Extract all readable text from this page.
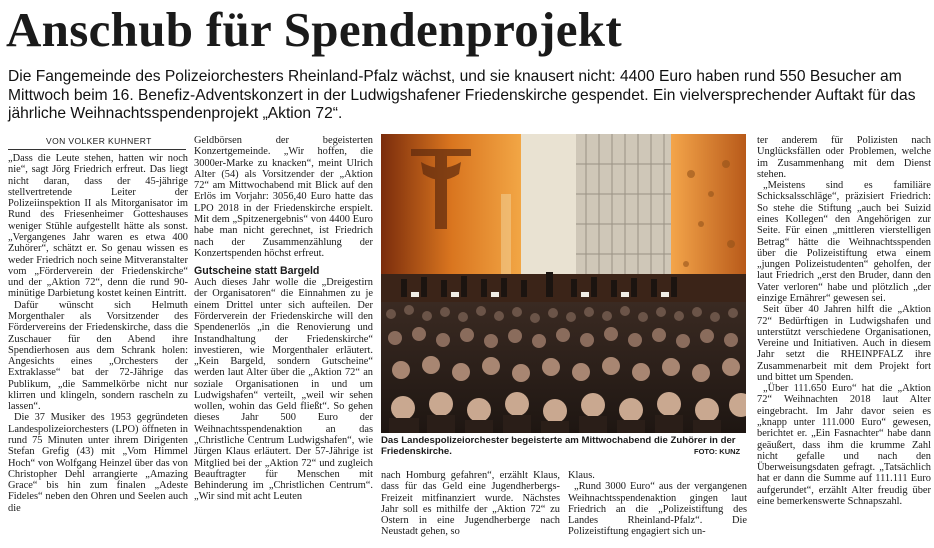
Anschub für Spendenprojekt

Die Fangemeinde des Polizeiorchesters Rheinland-Pfalz wächst, und sie knausert nicht: 4400 Euro haben rund 550 Besucher am Mittwoch beim 16. Benefiz-Adventskonzert in der Ludwigshafener Friedenskirche gespendet. Ein vielversprechender Auftakt für das jährliche Weihnachtsspendenprojekt „Aktion 72“.

VON VOLKER KUHNERT

„Dass die Leute stehen, hatten wir noch nie“, sagt Jörg Friedrich erfreut. Das liegt nicht daran, dass der 45-jährige stellvertretende Leiter der Polizeiinspektion II als Mitorganisator im Rund des Friesenheimer Gotteshauses weniger Stühle aufgestellt hätte als sonst. „Vergangenes Jahr waren es etwa 400 Zuhörer“, schätzt er. So genau wissen es weder Friedrich noch seine Mitveranstalter vom „Förderverein der Friedenskirche“ und der „Aktion 72“, denn die rund 90-minütige Darbietung kostet keinen Eintritt.

Dafür wünscht sich Helmuth Morgenthaler als Vorsitzender des Fördervereins der Friedenskirche, dass die Zuschauer für den Abend ihre Spendierhosen aus dem Schrank holen: Angesichts eines „Orchesters der Extraklasse“ bat der 72-Jährige das Publikum, „die Sammelkörbe nicht nur klirren und klingeln, sondern rascheln zu lassen“.

Die 37 Musiker des 1953 gegründeten Landespolizeiorchesters (LPO) öffneten in rund 75 Minuten unter ihrem Dirigenten Stefan Grefig (43) mit „Vom Himmel Hoch“ von Wolfgang Heinzel über das von Christopher Dehl arrangierte „Amazing Grace“ bis hin zum finalen „Adeste Fideles“ neben den Ohren und Seelen auch die

Geldbörsen der begeisterten Konzertgemeinde. „Wir hoffen, die 3000er-Marke zu knacken“, meint Ulrich Alter (54) als Vorsitzender der „Aktion 72“ am Mittwochabend mit Blick auf den Erlös im Vorjahr: 3056,40 Euro hatte das LPO 2018 in der Friedenskirche erspielt. Mit dem „Spitzenergebnis“ von 4400 Euro habe man nicht gerechnet, ist Friedrich nach der Zusammenzählung der Konzertspenden höchst erfreut.

Gutscheine statt Bargeld

Auch dieses Jahr wolle die „Dreigestirn der Organisatoren“ die Einnahmen zu je einem Drittel unter sich aufteilen. Der Förderverein der Friedenskirche will den Spendenerlös „in die Renovierung und Instandhaltung der Friedenskirche“ investieren, wie Morgenthaler erläutert. „Kein Bargeld, sondern Gutscheine“ werden laut Alter über die „Aktion 72“ an soziale Organisationen in und um Ludwigshafen“ verteilt, „weil wir sehen wollen, wohin das Geld fließt“. So gehen dieses Jahr 500 Euro der Weihnachtsspendenaktion an das „Christliche Centrum Ludwigshafen“, wie Jürgen Klaus erläutert. Der 57-Jährige ist Mitglied bei der „Aktion 72“ und zugleich Beauftragter für Menschen mit Behinderung im „Christlichen Centrum“. „Wir sind mit acht Leuten

Das Landespolizeiorchester begeisterte am Mittwochabend die Zuhörer in der Friedenskirche.	FOTO: KUNZ

nach Homburg gefahren“, erzählt Klaus, dass für das Geld eine Jugendherbergs-Freizeit mitfinanziert wurde. Nächstes Jahr soll es mithilfe der „Aktion 72“ zu Ostern in eine Jugendherberge nach Neustadt gehen, so

Klaus.

„Rund 3000 Euro“ aus der vergangenen Weihnachtsspendenaktion gingen laut Friedrich an die „Polizeistiftung des Landes Rheinland-Pfalz“. Die Polizeistiftung engagiert sich un-

ter anderem für Polizisten nach Unglücksfällen oder Problemen, welche im Zusammenhang mit dem Dienst stehen.

„Meistens sind es familiäre Schicksalsschläge“, präzisiert Friedrich: So stehe die Stiftung „auch bei Suizid eines Kollegen“ den Angehörigen zur Seite. Für einen „mittleren vierstelligen Betrag“ hätte die Weihnachtsspenden über die Polizeistiftung etwa einem „jungen Polizeistudenten“ geholfen, der laut Friedrich „erst den Bruder, dann den Vater verloren“ habe und plötzlich „der einzige Ernährer“ gewesen sei.

Seit über 40 Jahren hilft die „Aktion 72“ Bedürftigen in Ludwigshafen und unterstützt verschiedene Organisationen, Vereine und Initiativen. Auch in diesem Jahr setzt die RHEINPFALZ ihre Zusammenarbeit mit dem Projekt fort und bittet um Spenden.

„Über 111.650 Euro“ hat die „Aktion 72“ Weihnachten 2018 laut Alter eingebracht. Im Jahr davor seien es „knapp unter 111.000 Euro“ gewesen, berichtet er. „Ein Fasnachter“ habe dann geäußert, dass ihm die krumme Zahl nicht gefalle und nach den Überweisungsdaten gefragt. „Tatsächlich hat er dann die Summe auf 111.111 Euro aufgerundet“, erzählt Alter freudig über eine bemerkenswerte Schnapszahl.
